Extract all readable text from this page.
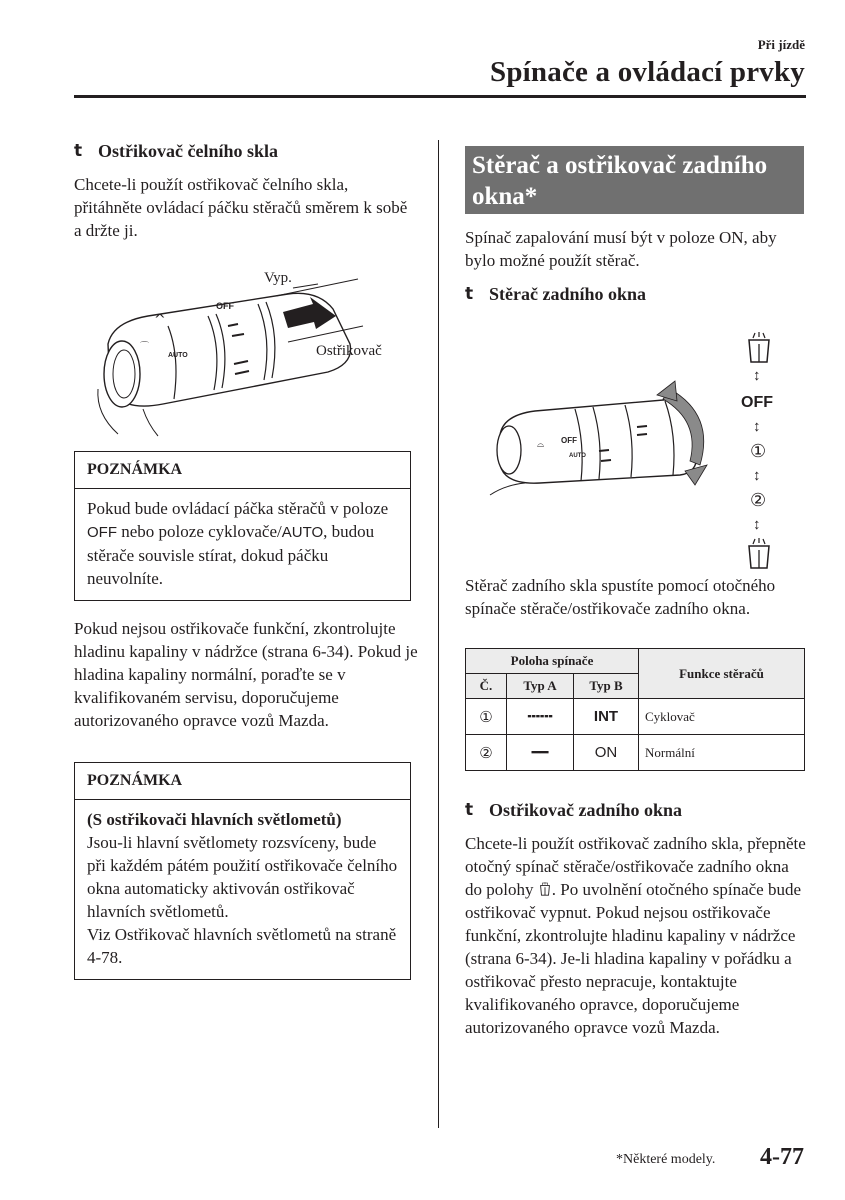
Při jízdě
Spínače a ovládací prvky
t Ostřikovač čelního skla

Chcete-li použít ostřikovač čelního skla, přitáhněte ovládací páčku stěračů směrem k sobě a držte ji.

⌒
^
OFF
AUTO
Vyp.
Ostřikovač
POZNÁMKA
Pokud bude ovládací páčka stěračů v poloze OFF nebo poloze cyklovače/AUTO, budou stěrače souvisle stírat, dokud páčku neuvolníte.
Pokud nejsou ostřikovače funkční, zkontrolujte hladinu kapaliny v nádržce (strana 6-34). Pokud je hladina kapaliny normální, poraďte se v kvalifikovaném servisu, doporučujeme autorizovaného opravce vozů Mazda.
POZNÁMKA
(S ostřikovači hlavních světlometů)
Jsou-li hlavní světlomety rozsvíceny, bude při každém pátém použití ostřikovače čelního okna automaticky aktivován ostřikovač hlavních světlometů.
Viz Ostřikovač hlavních světlometů na straně 4-78.
Stěrač a ostřikovač zadního okna*
Spínač zapalování musí být v poloze ON, aby bylo možné použít stěrač.
t Stěrač zadního okna
⌓ OFF
AUTO
↕
OFF
↕
①
↕
②
↕
Stěrač zadního skla spustíte pomocí otočného spínače stěrače/ostřikovače zadního okna.
Poloha spínače			Funkce stěračů
Č.	Typ A	Typ B	
①	╍╍╍	INT	Cyklovač
②	━━	ON	Normální
t Ostřikovač zadního okna

Chcete-li použít ostřikovač zadního skla, přepněte otočný spínač stěrače/ostřikovače zadního okna do polohy . Po uvolnění otočného spínače bude ostřikovač vypnut. Pokud nejsou ostřikovače funkční, zkontrolujte hladinu kapaliny v nádržce (strana 6-34). Je-li hladina kapaliny v pořádku a ostřikovač přesto nepracuje, kontaktujte kvalifikovaného opravce, doporučujeme autorizovaného opravce vozů Mazda.

*Některé modely. 4-77
